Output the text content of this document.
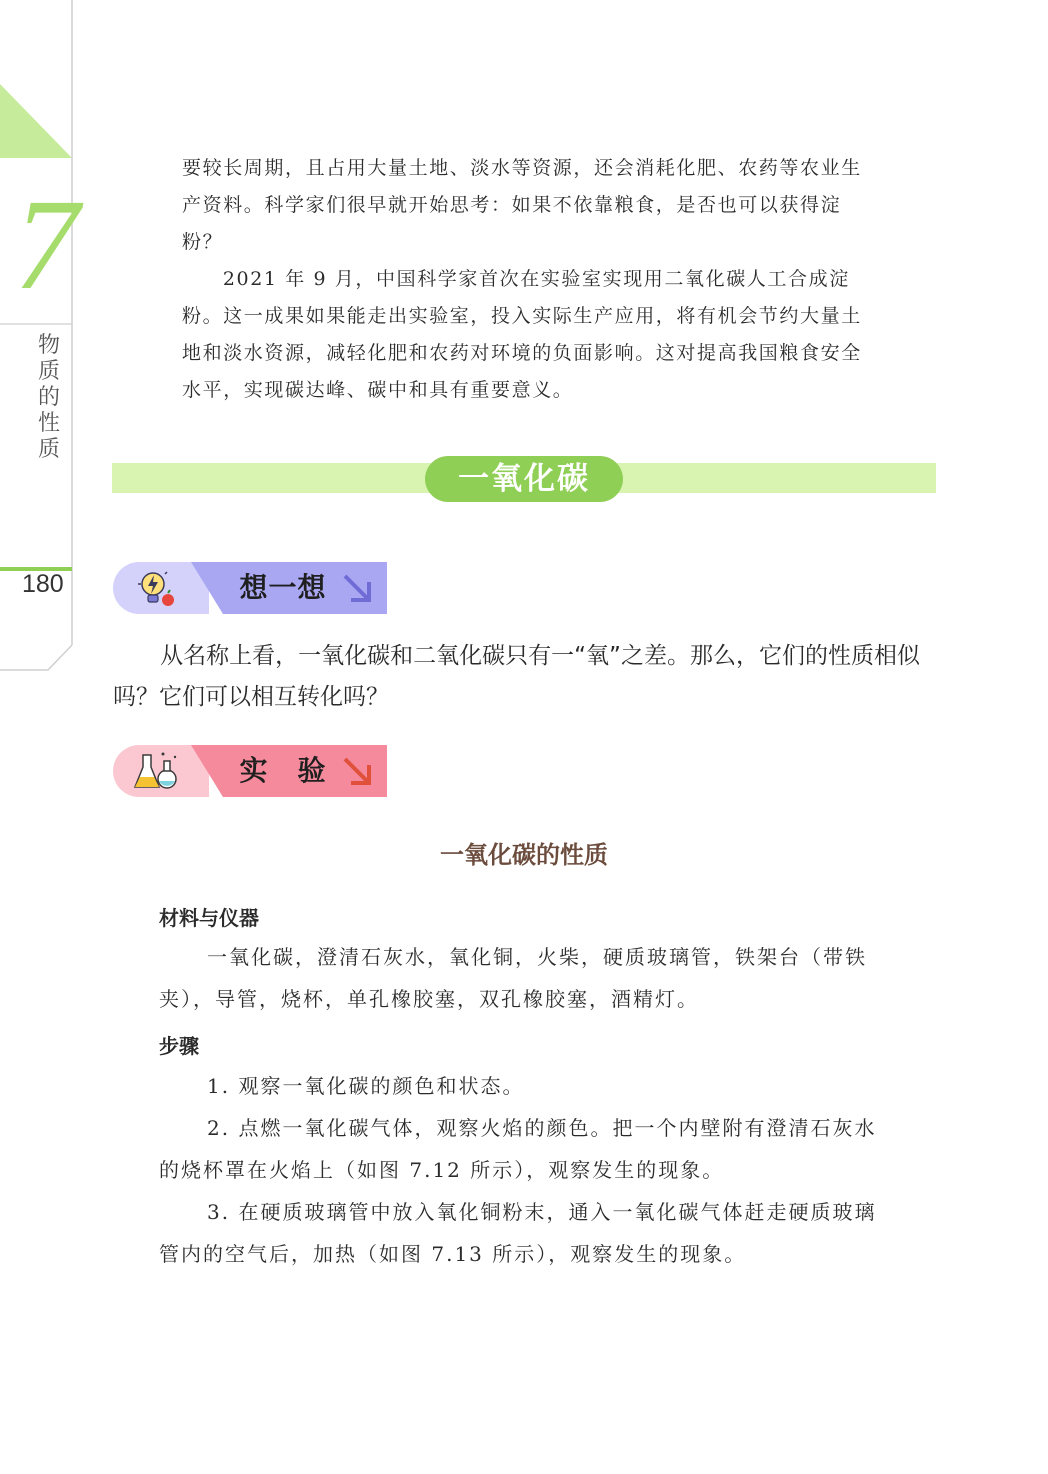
7
物质的性质
180

要较长周期，且占用大量土地、淡水等资源，还会消耗化肥、农药等农业生产资料。科学家们很早就开始思考：如果不依靠粮食，是否也可以获得淀粉？

2021 年 9 月，中国科学家首次在实验室实现用二氧化碳人工合成淀粉。这一成果如果能走出实验室，投入实际生产应用，将有机会节约大量土地和淡水资源，减轻化肥和农药对环境的负面影响。这对提高我国粮食安全水平，实现碳达峰、碳中和具有重要意义。

一氧化碳
想一想

从名称上看，一氧化碳和二氧化碳只有一“氧”之差。那么，它们的性质相似吗？它们可以相互转化吗？

实　验
一氧化碳的性质
材料与仪器

一氧化碳，澄清石灰水，氧化铜，火柴，硬质玻璃管，铁架台（带铁夹），导管，烧杯，单孔橡胶塞，双孔橡胶塞，酒精灯。

步骤

1. 观察一氧化碳的颜色和状态。

2. 点燃一氧化碳气体，观察火焰的颜色。把一个内壁附有澄清石灰水的烧杯罩在火焰上（如图 7.12 所示），观察发生的现象。

3. 在硬质玻璃管中放入氧化铜粉末，通入一氧化碳气体赶走硬质玻璃管内的空气后，加热（如图 7.13 所示），观察发生的现象。
